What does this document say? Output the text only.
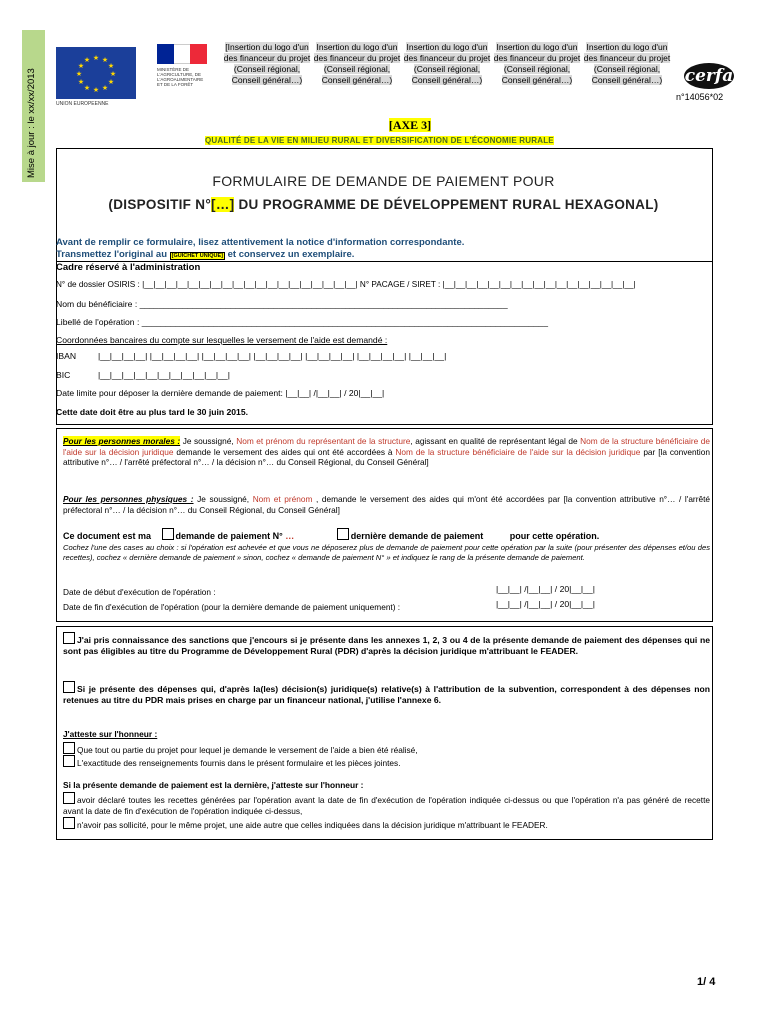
Mise à jour : le xx/xx/2013
★ ★
★
★
★
★
★
★
★
★
★
★
UNION EUROPEENNE
MINISTÈRE DE L'AGRICULTURE, DE L'AGROALIMENTAIRE ET DE LA FORÊT
[Insertion du logo d'un des financeur du projet (Conseil régional, Conseil général…)
Insertion du logo d'un des financeur du projet (Conseil régional, Conseil général…)
Insertion du logo d'un des financeur du projet (Conseil régional, Conseil général…)
Insertion du logo d'un des financeur du projet (Conseil régional, Conseil général…)
Insertion du logo d'un des financeur du projet (Conseil régional, Conseil général…)	cerfa
n°14056*02
[AXE 3]
QUALITÉ DE LA VIE EN MILIEU RURAL ET DIVERSIFICATION DE L'ÉCONOMIE RURALE
FORMULAIRE DE DEMANDE DE PAIEMENT POUR
(DISPOSITIF N°[…] DU PROGRAMME DE DÉVELOPPEMENT RURAL HEXAGONAL)
Avant de remplir ce formulaire, lisez attentivement la notice d'information correspondante.
Transmettez l'original au [GUICHET UNIQUE] et conservez un exemplaire.
Cadre réservé à l'administration
N° de dossier OSIRIS : |__|__|__|__|__|__|__|__|__|__|__|__|__|__|__|__|__|__|__| N° PACAGE / SIRET : |__|__|__|__|__|__|__|__|__|__|__|__|__|__|__|__|__|
Nom du bénéficiaire : _____________________________________________________________________________
Libellé de l'opération : _____________________________________________________________________________________
Coordonnées bancaires du compte sur lesquelles le versement de l'aide est demandé :
IBAN	|__|__|__|__| |__|__|__|__| |__|__|__|__| |__|__|__|__| |__|__|__|__| |__|__|__|__| |__|__|__|
BIC	|__|__|__|__|__|__|__|__|__|__|__|
Date limite pour déposer la dernière demande de paiement: |__|__| /|__|__| / 20|__|__|
Cette date doit être au plus tard le 30 juin 2015.
Pour les personnes morales : Je soussigné, Nom et prénom du représentant de la structure, agissant en qualité de représentant légal de Nom de la structure bénéficiaire de l'aide sur la décision juridique demande le versement des aides qui ont été accordées à Nom de la structure bénéficiaire de l'aide sur la décision juridique par [la convention attributive n°… / l'arrêté préfectoral n°… / la décision n°… du Conseil Régional, du Conseil Général]
Pour les personnes physiques : Je soussigné, Nom et prénom , demande le versement des aides qui m'ont été accordées par [la convention attributive n°… / l'arrêté préfectoral n°… / la décision n°… du Conseil Régional, du Conseil Général]
Ce document est ma	demande de paiement N° …	dernière demande de paiement	pour cette opération.
Cochez l'une des cases au choix : si l'opération est achevée et que vous ne déposerez plus de demande de paiement pour cette opération par la suite (pour présenter des dépenses et/ou des recettes), cochez « dernière demande de paiement » sinon, cochez « demande de paiement N° » et indiquez le rang de la présente demande de paiement.
Date de début d'exécution de l'opération :	|__|__| /|__|__| / 20|__|__|
Date de fin d'exécution de l'opération (pour la dernière demande de paiement uniquement) :	|__|__| /|__|__| / 20|__|__|
J'ai pris connaissance des sanctions que j'encours si je présente dans les annexes 1, 2, 3 ou 4 de la présente demande de paiement des dépenses qui ne sont pas éligibles au titre du Programme de Développement Rural (PDR) d'après la décision juridique m'attribuant le FEADER.
Si je présente des dépenses qui, d'après la(les) décision(s) juridique(s) relative(s) à l'attribution de la subvention, correspondent à des dépenses non retenues au titre du PDR mais prises en charge par un financeur national, j'utilise l'annexe 6.
J'atteste sur l'honneur :
Que tout ou partie du projet pour lequel je demande le versement de l'aide a bien été réalisé,
L'exactitude des renseignements fournis dans le présent formulaire et les pièces jointes.
Si la présente demande de paiement est la dernière, j'atteste sur l'honneur :
avoir déclaré toutes les recettes générées par l'opération avant la date de fin d'exécution de l'opération indiquée ci-dessus ou que l'opération n'a pas généré de recette avant la date de fin d'exécution de l'opération indiquée ci-dessus,
n'avoir pas sollicité, pour le même projet, une aide autre que celles indiquées dans la décision juridique m'attribuant le FEADER.
1/ 4
